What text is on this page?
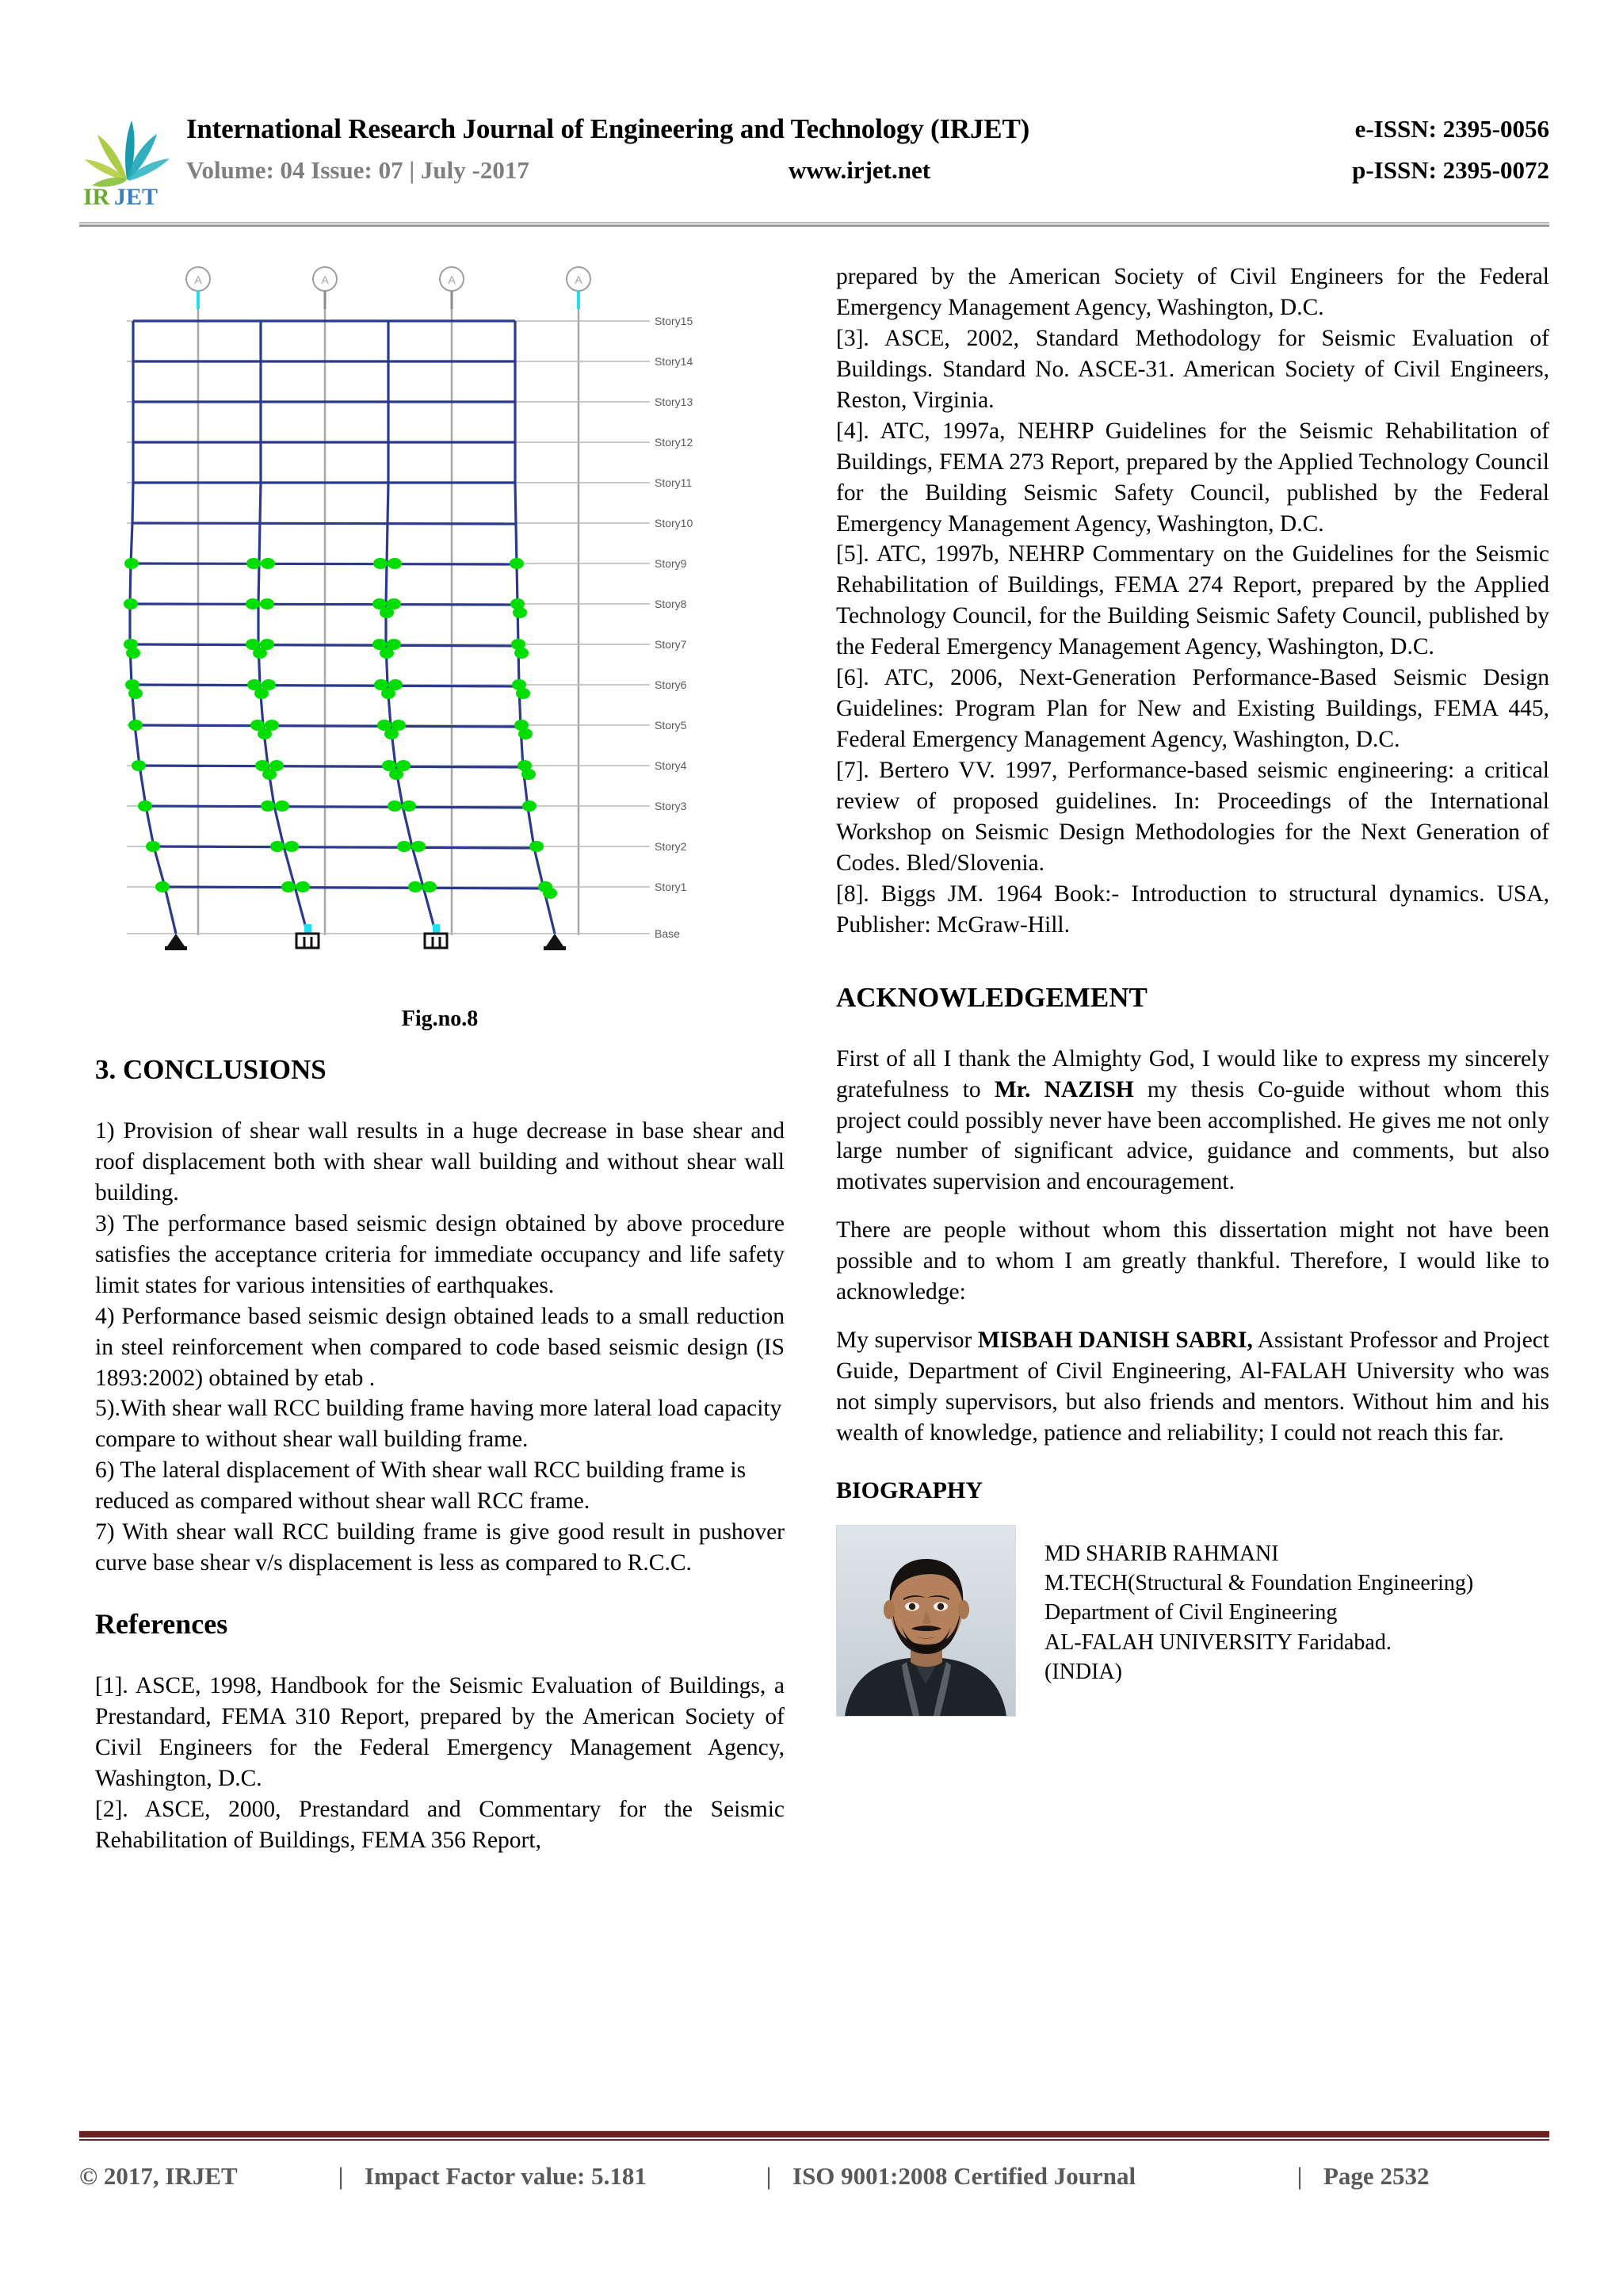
IR JET
International Research Journal of Engineering and Technology (IRJET)	e-ISSN: 2395-0056
Volume: 04 Issue: 07 | July -2017	www.irjet.net	p-ISSN: 2395-0072
A	A	A	A
Story15
Story14
Story13
Story12
Story11
Story10
Story9
Story8
Story7
Story6
Story5
Story4
Story3
Story2
Story1
Base
Fig.no.8
3. CONCLUSIONS

1) Provision of shear wall results in a huge decrease in base shear and roof displacement both with shear wall building and without shear wall building.

3) The performance based seismic design obtained by above procedure satisfies the acceptance criteria for immediate occupancy and life safety limit states for various intensities of earthquakes.

4) Performance based seismic design obtained leads to a small reduction in steel reinforcement when compared to code based seismic design (IS 1893:2002) obtained by etab .

5).With shear wall RCC building frame having more lateral load capacity compare to without shear wall building frame.

6) The lateral displacement of With shear wall RCC building frame is reduced as compared without shear wall RCC frame.

7) With shear wall RCC building frame is give good result in pushover curve base shear v/s displacement is less as compared to R.C.C.

References

[1]. ASCE, 1998, Handbook for the Seismic Evaluation of Buildings, a Prestandard, FEMA 310 Report, prepared by the American Society of Civil Engineers for the Federal Emergency Management Agency, Washington, D.C.

[2]. ASCE, 2000, Prestandard and Commentary for the Seismic Rehabilitation of Buildings, FEMA 356 Report,

prepared by the American Society of Civil Engineers for the Federal Emergency Management Agency, Washington, D.C.

[3]. ASCE, 2002, Standard Methodology for Seismic Evaluation of Buildings. Standard No. ASCE-31. American Society of Civil Engineers, Reston, Virginia.

[4]. ATC, 1997a, NEHRP Guidelines for the Seismic Rehabilitation of Buildings, FEMA 273 Report, prepared by the Applied Technology Council for the Building Seismic Safety Council, published by the Federal Emergency Management Agency, Washington, D.C.

[5]. ATC, 1997b, NEHRP Commentary on the Guidelines for the Seismic Rehabilitation of Buildings, FEMA 274 Report, prepared by the Applied Technology Council, for the Building Seismic Safety Council, published by the Federal Emergency Management Agency, Washington, D.C.

[6]. ATC, 2006, Next-Generation Performance-Based Seismic Design Guidelines: Program Plan for New and Existing Buildings, FEMA 445, Federal Emergency Management Agency, Washington, D.C.

[7]. Bertero VV. 1997, Performance-based seismic engineering: a critical review of proposed guidelines. In: Proceedings of the International Workshop on Seismic Design Methodologies for the Next Generation of Codes. Bled/Slovenia.

[8]. Biggs JM. 1964 Book:- Introduction to structural dynamics. USA, Publisher: McGraw-Hill.

ACKNOWLEDGEMENT

First of all I thank the Almighty God, I would like to express my sincerely gratefulness to Mr. NAZISH my thesis Co-guide without whom this project could possibly never have been accomplished. He gives me not only large number of significant advice, guidance and comments, but also motivates supervision and encouragement.

There are people without whom this dissertation might not have been possible and to whom I am greatly thankful. Therefore, I would like to acknowledge:

My supervisor MISBAH DANISH SABRI, Assistant Professor and Project Guide, Department of Civil Engineering, Al-FALAH University who was not simply supervisors, but also friends and mentors. Without him and his wealth of knowledge, patience and reliability; I could not reach this far.

BIOGRAPHY
MD SHARIB RAHMANI
M.TECH(Structural & Foundation Engineering)
Department of Civil Engineering
AL-FALAH UNIVERSITY Faridabad.
(INDIA)
© 2017, IRJET	| Impact Factor value: 5.181	| ISO 9001:2008 Certified Journal	| Page 2532
